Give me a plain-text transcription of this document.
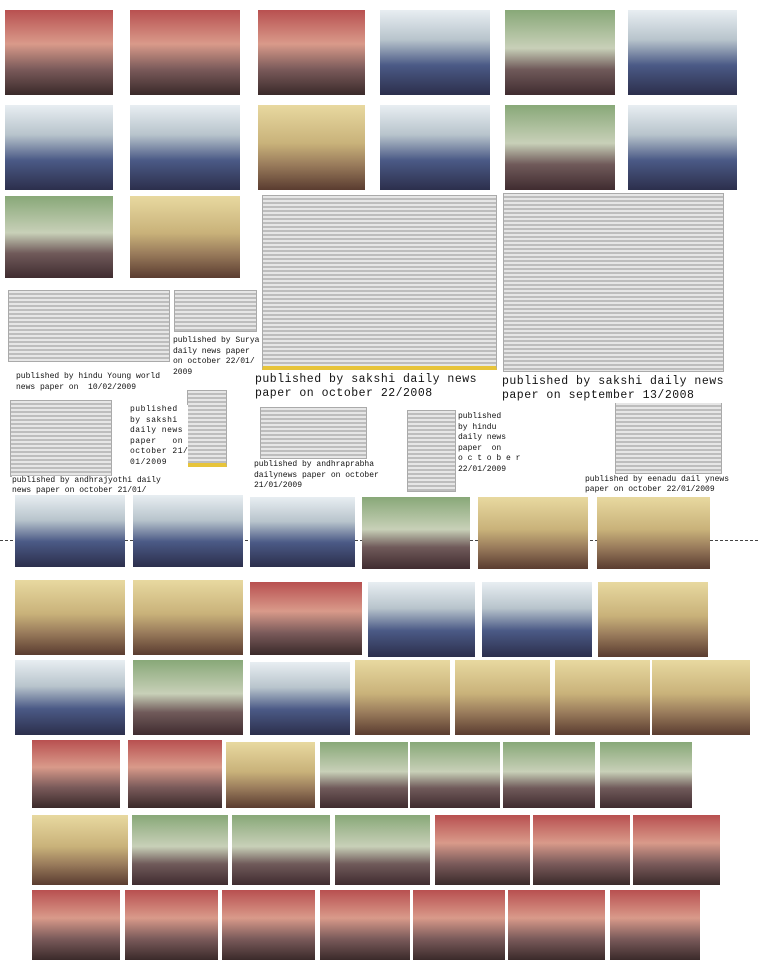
published by hindu Young world
news paper on  10/02/2009
published by Surya
daily news paper
on october 22/01/
2009
published by sakshi daily news
paper on october 22/2008
published by sakshi daily news
paper on september 13/2008
published by andhrajyothi daily
news paper on october 21/01/
published
by sakshi
daily news
paper   on
october 21/
01/2009	published by andhraprabha
dailynews paper on october
21/01/2009
published
by hindu
daily news
paper  on
o c t o b e r
22/01/2009
published by eenadu dail ynews
paper on october 22/01/2009
